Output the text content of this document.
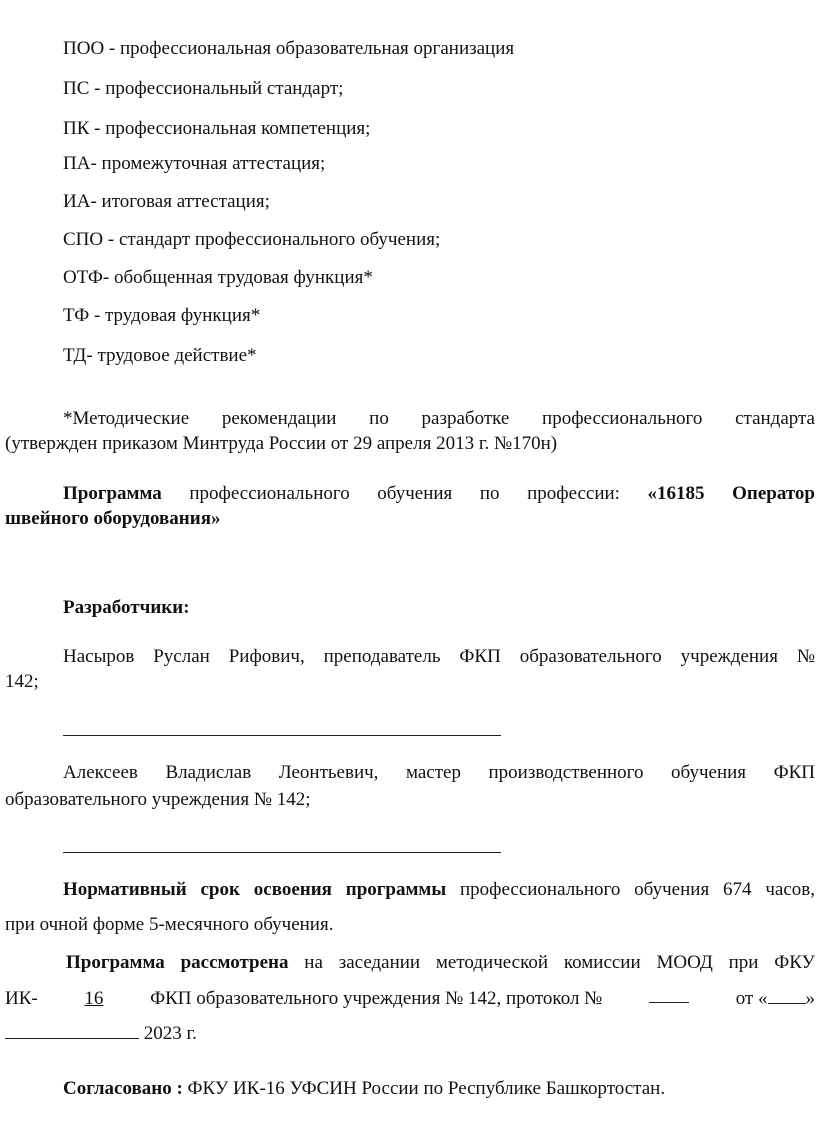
ПОО - профессиональная образовательная организация
ПС - профессиональный стандарт;
ПК - профессиональная компетенция;
ПА- промежуточная аттестация;
ИА- итоговая аттестация;
СПО - стандарт профессионального обучения;
ОТФ- обобщенная трудовая функция*
ТФ - трудовая функция*
ТД- трудовое действие*
*Методические рекомендации по разработке профессионального стандарта
(утвержден приказом Минтруда России от 29 апреля 2013 г. №170н)
Программа профессионального обучения по профессии: «16185 Оператор
швейного оборудования»
Разработчики:
Насыров Руслан Рифович, преподаватель ФКП образовательного учреждения №
142;
Алексеев Владислав Леонтьевич, мастер производственного обучения ФКП
образовательного учреждения № 142;
Нормативный срок освоения программы профессионального обучения 674 часов,
при очной форме 5-месячного обучения.
Программа рассмотрена на заседании методической комиссии МООД при ФКУ
ИК- 16 ФКП образовательного учреждения № 142, протокол №	от « »
2023 г.
Согласовано : ФКУ ИК-16 УФСИН России по Республике Башкортостан.
